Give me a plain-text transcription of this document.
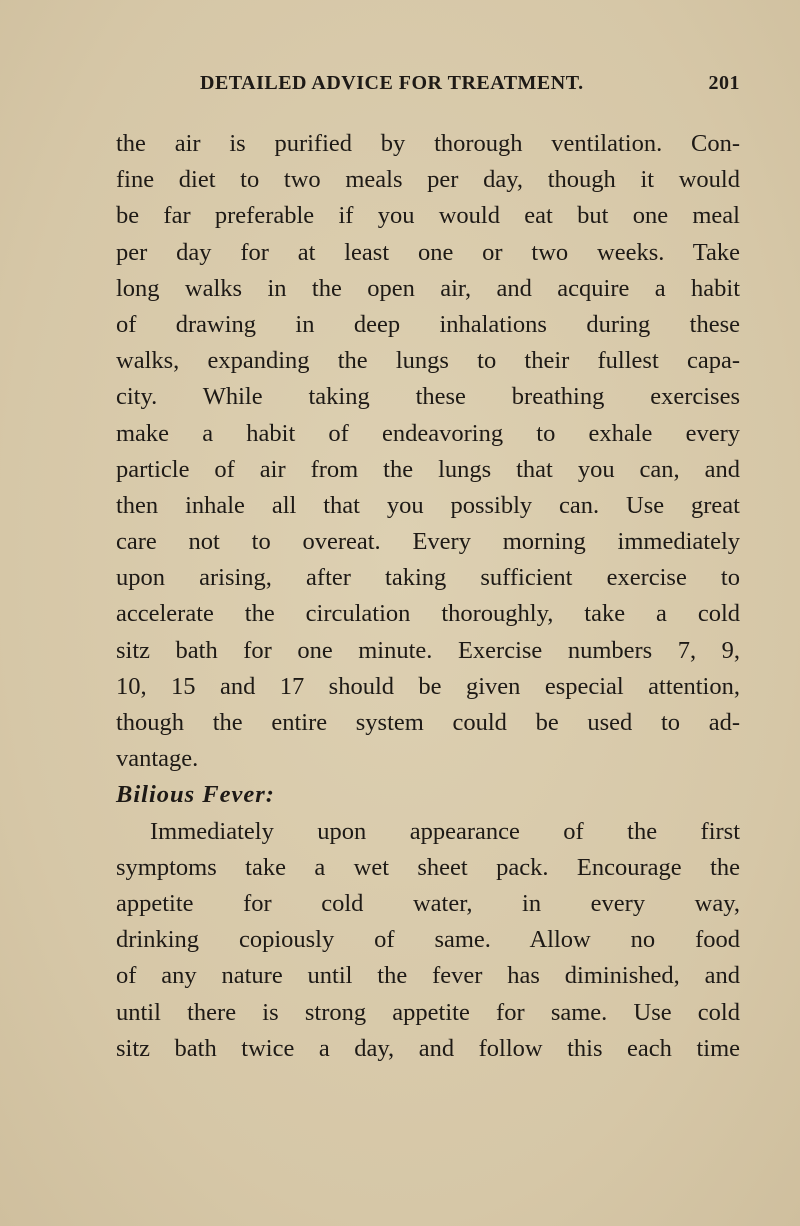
DETAILED ADVICE FOR TREATMENT.	201
the air is purified by thorough ventilation. Con-
fine diet to two meals per day, though it would
be far preferable if you would eat but one meal
per day for at least one or two weeks. Take
long walks in the open air, and acquire a habit
of drawing in deep inhalations during these
walks, expanding the lungs to their fullest capa-
city. While taking these breathing exercises
make a habit of endeavoring to exhale every
particle of air from the lungs that you can, and
then inhale all that you possibly can. Use great
care not to overeat. Every morning immediately
upon arising, after taking sufficient exercise to
accelerate the circulation thoroughly, take a cold
sitz bath for one minute. Exercise numbers 7, 9,
10, 15 and 17 should be given especial attention,
though the entire system could be used to ad-
vantage.
Bilious Fever:
Immediately upon appearance of the first
symptoms take a wet sheet pack. Encourage the
appetite for cold water, in every way,
drinking copiously of same. Allow no food
of any nature until the fever has diminished, and
until there is strong appetite for same. Use cold
sitz bath twice a day, and follow this each time
